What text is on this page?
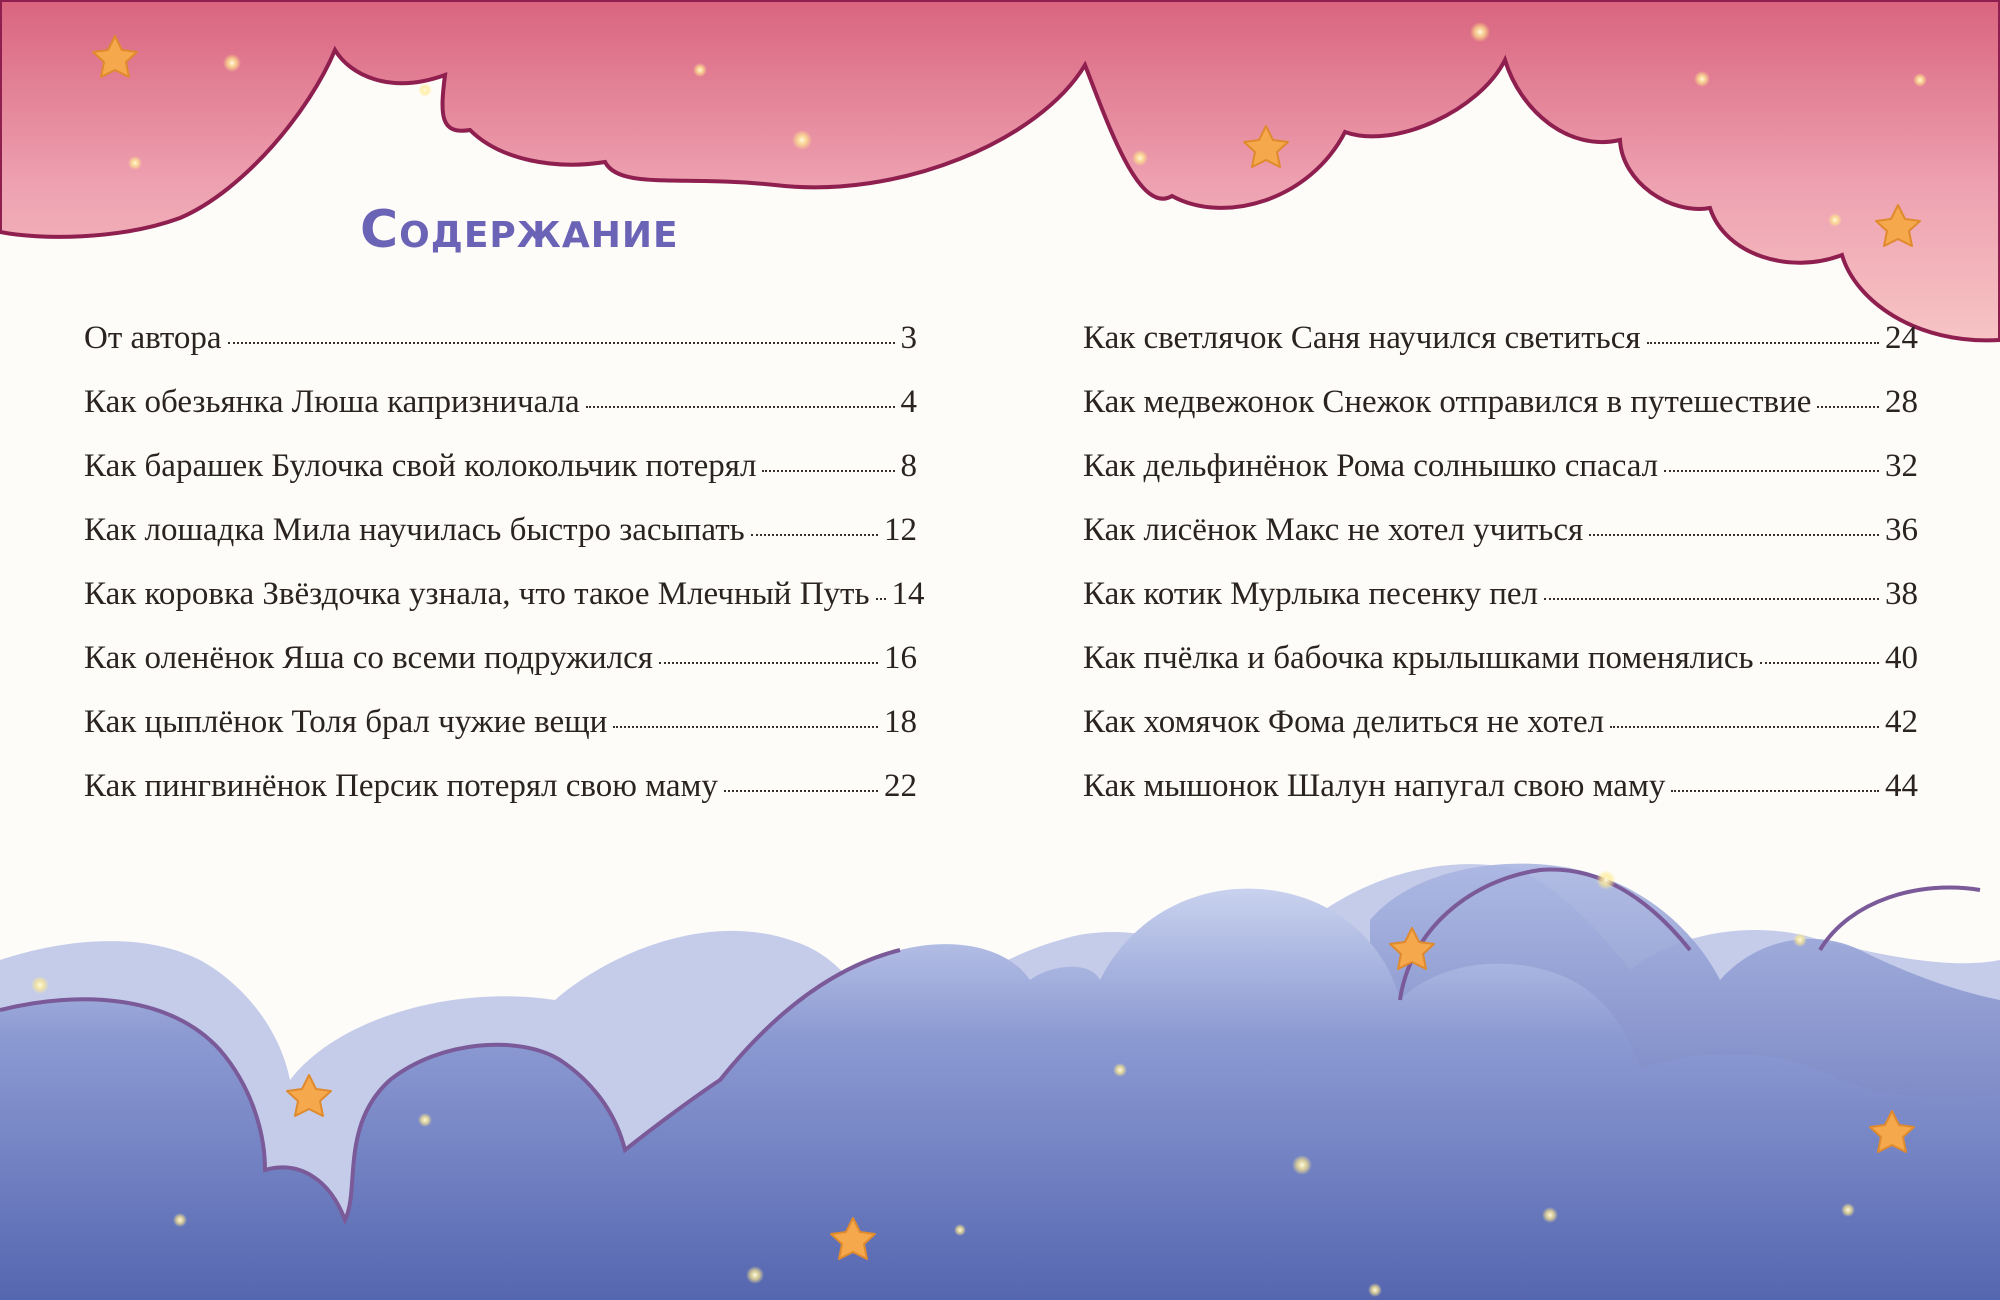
Содержание
От автора	3
Как обезьянка Люша капризничала	4
Как барашек Булочка свой колокольчик потерял	8
Как лошадка Мила научилась быстро засыпать	12
Как коровка Звёздочка узнала, что такое Млечный Путь 14
Как оленёнок Яша со всеми подружился	16
Как цыплёнок Толя брал чужие вещи	18
Как пингвинёнок Персик потерял свою маму	22
Как светлячок Саня научился светиться	24
Как медвежонок Снежок отправился в путешествие 28
Как дельфинёнок Рома солнышко спасал	32
Как лисёнок Макс не хотел учиться	36
Как котик Мурлыка песенку пел	38
Как пчёлка и бабочка крылышками поменялись	40
Как хомячок Фома делиться не хотел	42
Как мышонок Шалун напугал свою маму	44
